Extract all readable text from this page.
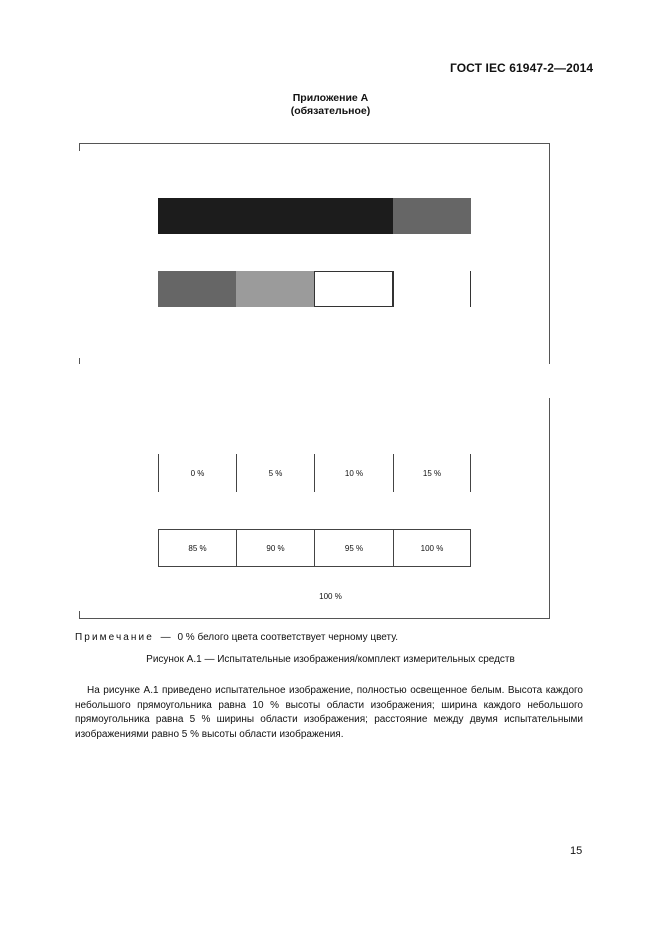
ГОСТ IEC 61947-2—2014
Приложение А
(обязательное)
0 %	5 %	10 %	15 %
85 %	90 %	95 %	100 %
100 %
Примечание — 0 % белого цвета соответствует черному цвету.
Рисунок А.1 — Испытательные изображения/комплект измерительных средств
На рисунке А.1 приведено испытательное изображение, полностью освещенное белым. Высота каждого небольшого прямоугольника равна 10 % высоты области изображения; ширина каждого небольшого прямоугольника равна 5 % ширины области изображения; расстояние между двумя испытательными изображениями равно 5 % высоты области изображения.
15
